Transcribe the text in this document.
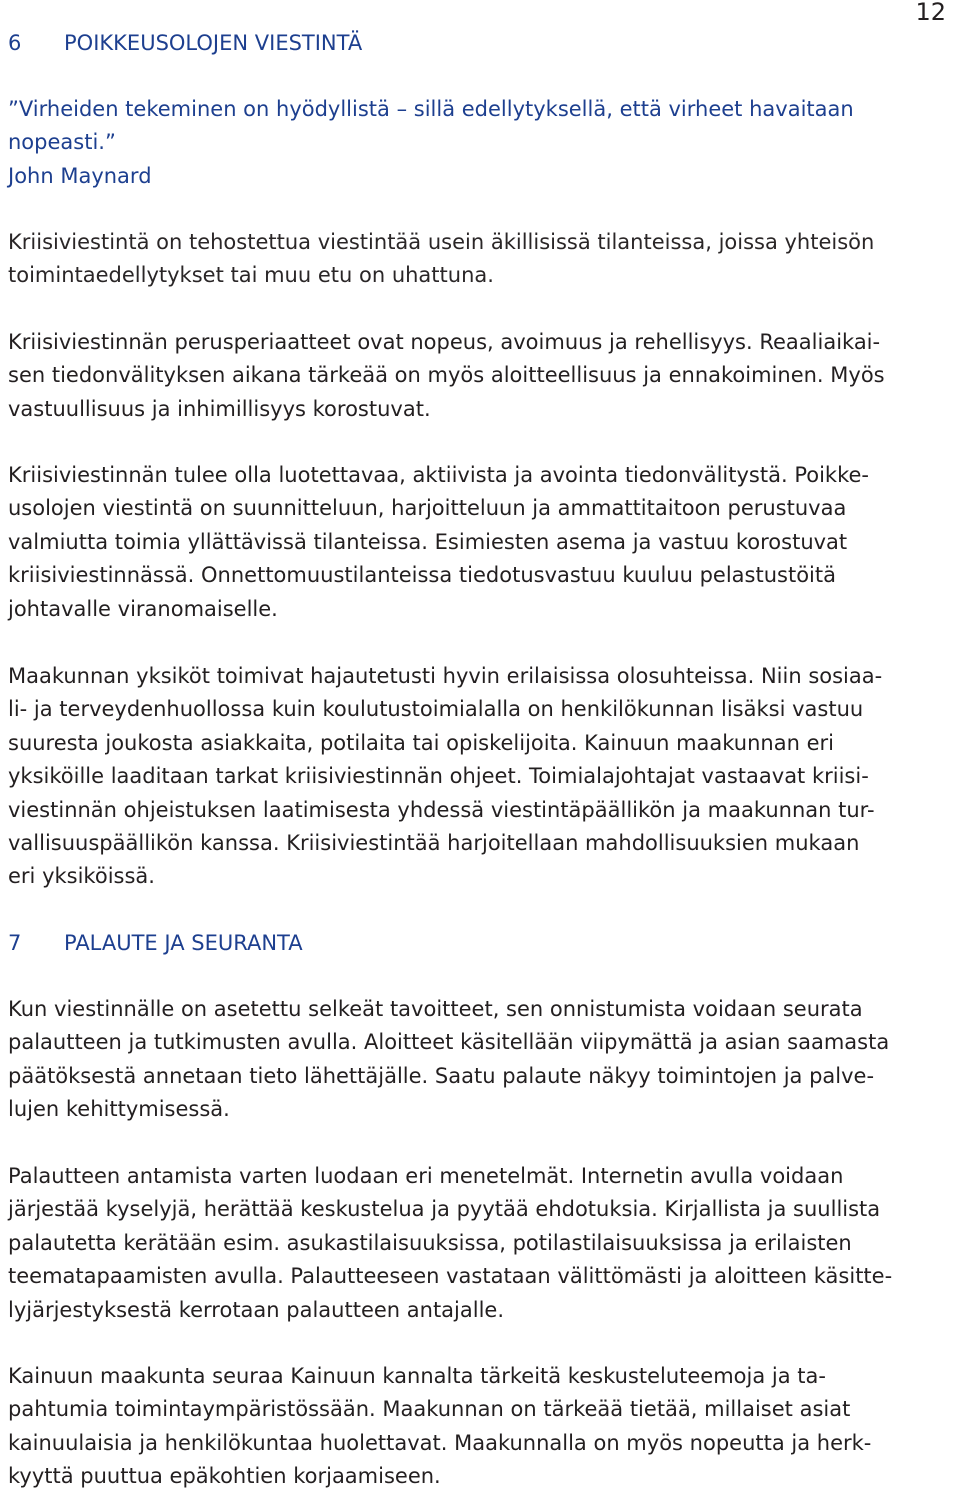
12
6 POIKKEUSOLOJEN VIESTINTÄ
”Virheiden tekeminen on hyödyllistä – sillä edellytyksellä, että virheet havaitaan
nopeasti.”
John Maynard
Kriisiviestintä on tehostettua viestintää usein äkillisissä tilanteissa, joissa yhteisön
toimintaedellytykset tai muu etu on uhattuna.
Kriisiviestinnän perusperiaatteet ovat nopeus, avoimuus ja rehellisyys. Reaaliaikai-
sen tiedonvälityksen aikana tärkeää on myös aloitteellisuus ja ennakoiminen. Myös
vastuullisuus ja inhimillisyys korostuvat.
Kriisiviestinnän tulee olla luotettavaa, aktiivista ja avointa tiedonvälitystä. Poikke-
usolojen viestintä on suunnitteluun, harjoitteluun ja ammattitaitoon perustuvaa
valmiutta toimia yllättävissä tilanteissa. Esimiesten asema ja vastuu korostuvat
kriisiviestinnässä. Onnettomuustilanteissa tiedotusvastuu kuuluu pelastustöitä
johtavalle viranomaiselle.
Maakunnan yksiköt toimivat hajautetusti hyvin erilaisissa olosuhteissa. Niin sosiaa-
li- ja terveydenhuollossa kuin koulutustoimialalla on henkilökunnan lisäksi vastuu
suuresta joukosta asiakkaita, potilaita tai opiskelijoita. Kainuun maakunnan eri
yksiköille laaditaan tarkat kriisiviestinnän ohjeet. Toimialajohtajat vastaavat kriisi-
viestinnän ohjeistuksen laatimisesta yhdessä viestintäpäällikön ja maakunnan tur-
vallisuuspäällikön kanssa. Kriisiviestintää harjoitellaan mahdollisuuksien mukaan
eri yksiköissä.
7 PALAUTE JA SEURANTA
Kun viestinnälle on asetettu selkeät tavoitteet, sen onnistumista voidaan seurata
palautteen ja tutkimusten avulla. Aloitteet käsitellään viipymättä ja asian saamasta
päätöksestä annetaan tieto lähettäjälle. Saatu palaute näkyy toimintojen ja palve-
lujen kehittymisessä.
Palautteen antamista varten luodaan eri menetelmät. Internetin avulla voidaan
järjestää kyselyjä, herättää keskustelua ja pyytää ehdotuksia. Kirjallista ja suullista
palautetta kerätään esim. asukastilaisuuksissa, potilastilaisuuksissa ja erilaisten
teematapaamisten avulla. Palautteeseen vastataan välittömästi ja aloitteen käsitte-
lyjärjestyksestä kerrotaan palautteen antajalle.
Kainuun maakunta seuraa Kainuun kannalta tärkeitä keskusteluteemoja ja ta-
pahtumia toimintaympäristössään. Maakunnan on tärkeää tietää, millaiset asiat
kainuulaisia ja henkilökuntaa huolettavat. Maakunnalla on myös nopeutta ja herk-
kyyttä puuttua epäkohtien korjaamiseen.
